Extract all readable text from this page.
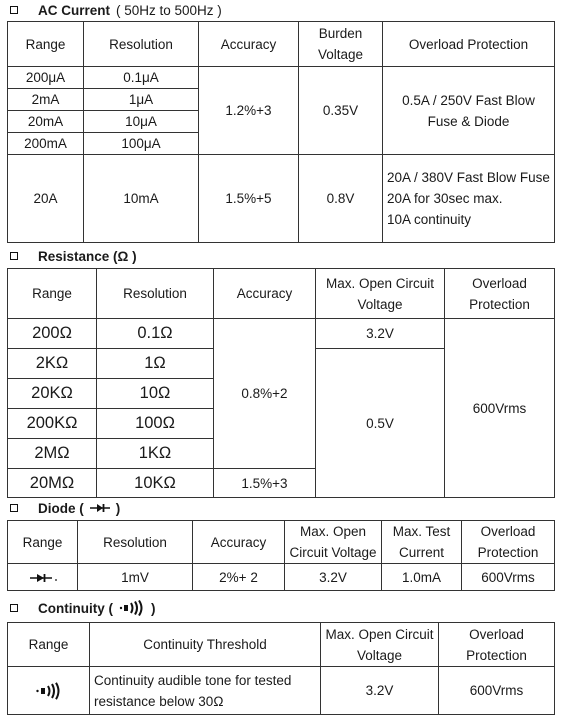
AC Current ( 50Hz to 500Hz )
Range	Resolution	Accuracy	Burden Voltage	Overload Protection
200μA	0.1μA	1.2%+3	0.35V	0.5A / 250V Fast Blow Fuse & Diode
2mA	1μA			
20mA	10μA			
200mA	100μA			
20A	10mA	1.5%+5	0.8V	20A / 380V Fast Blow Fuse
20A for 30sec max.
10A continuity
Resistance (Ω )
Range	Resolution	Accuracy	Max. Open Circuit Voltage	Overload Protection
200Ω	0.1Ω	0.8%+2	3.2V	600Vrms
2KΩ	1Ω		0.5V	
20KΩ	10Ω			
200KΩ	100Ω			
2MΩ	1KΩ			
20MΩ	10KΩ	1.5%+3		
Diode ( )
Range	Resolution	Accuracy	Max. Open Circuit Voltage	Max. Test Current	Overload Protection
	1mV	2%+ 2	3.2V	1.0mA	600Vrms
Continuity (	)
Range	Continuity Threshold	Max. Open Circuit Voltage	Overload Protection
	Continuity audible tone for tested resistance below 30Ω	3.2V	600Vrms
